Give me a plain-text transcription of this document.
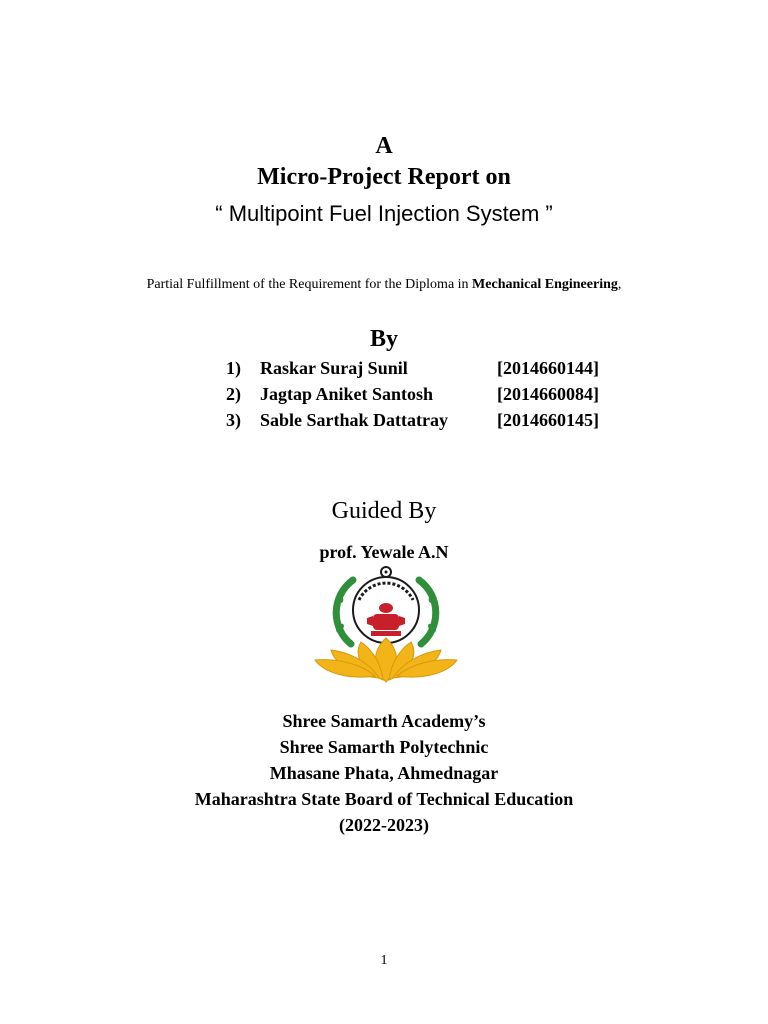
A
Micro-Project Report on
“ Multipoint Fuel Injection System ”
Partial Fulfillment of the Requirement for the Diploma in Mechanical Engineering,
By
1) Raskar Suraj Sunil	[2014660144]
2) Jagtap Aniket Santosh	[2014660084]
3) Sable Sarthak Dattatray	[2014660145]
Guided By
prof. Yewale A.N
Shree Samarth Academy’s
Shree Samarth Polytechnic
Mhasane Phata, Ahmednagar
Maharashtra State Board of Technical Education
(2022-2023)
1
